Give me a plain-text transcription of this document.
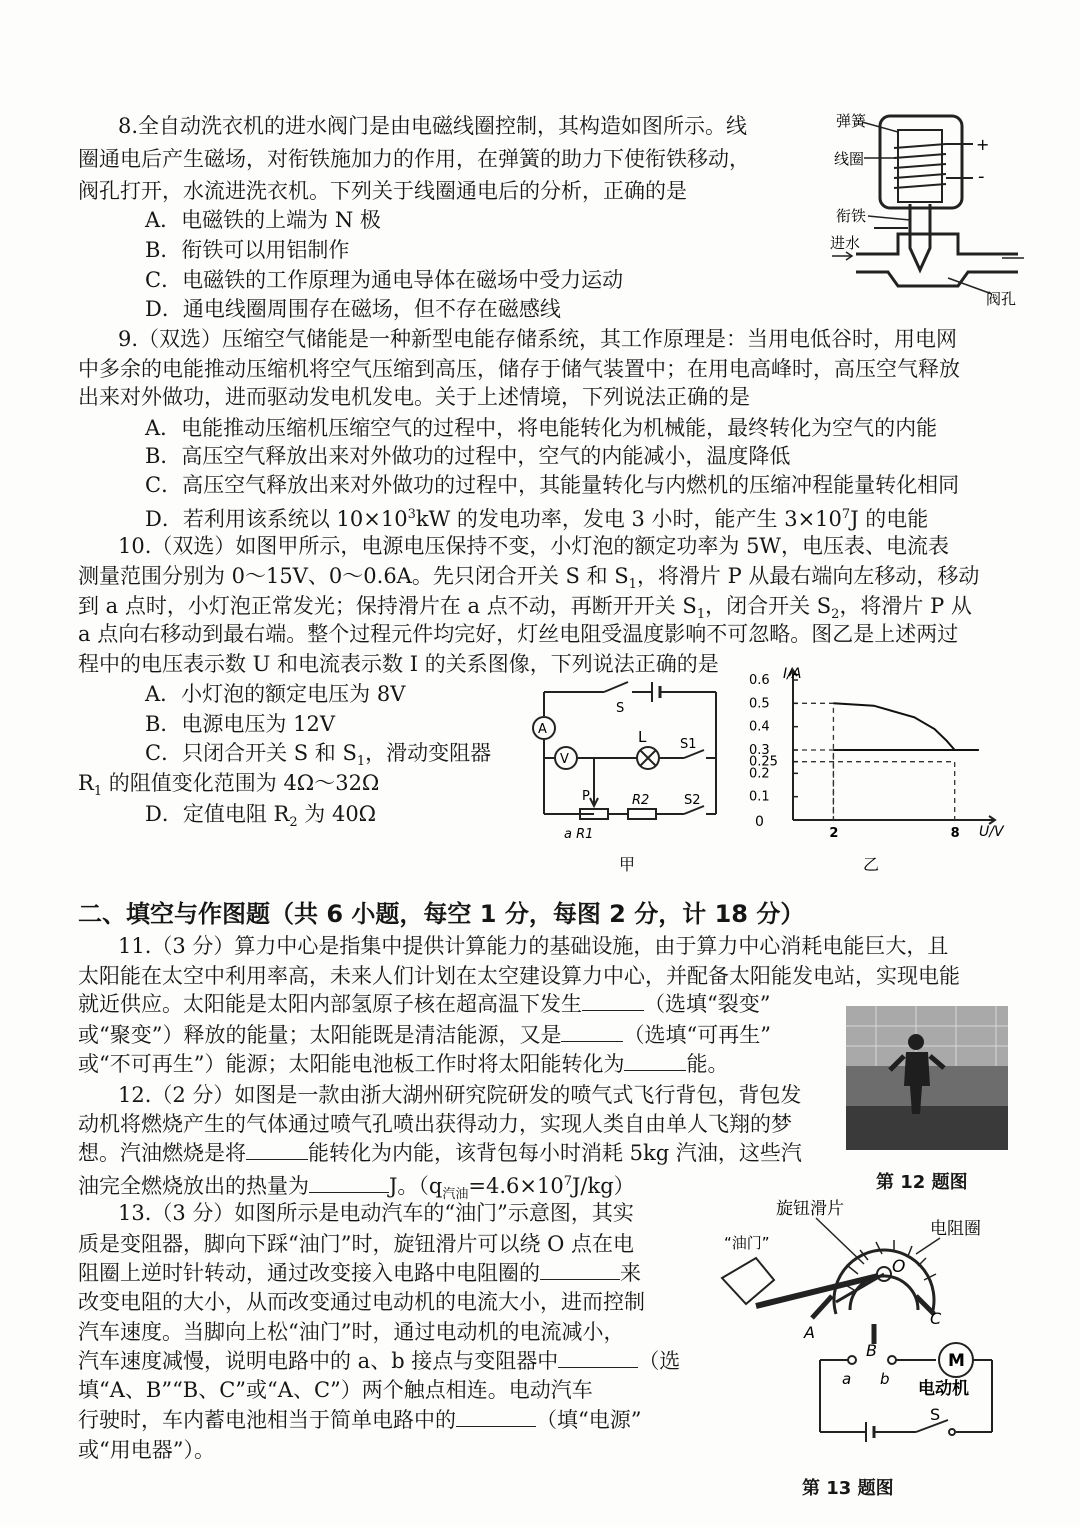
8.全自动洗衣机的进水阀门是由电磁线圈控制，其构造如图所示。线
圈通电后产生磁场，对衔铁施加力的作用，在弹簧的助力下使衔铁移动，
阀孔打开，水流进洗衣机。下列关于线圈通电后的分析，正确的是
A．电磁铁的上端为 N 极
B．衔铁可以用铝制作
C．电磁铁的工作原理为通电导体在磁场中受力运动
D．通电线圈周围存在磁场，但不存在磁感线
弹簧
线圈
衔铁
进水
阀孔
+
-
9.（双选）压缩空气储能是一种新型电能存储系统，其工作原理是：当用电低谷时，用电网
中多余的电能推动压缩机将空气压缩到高压，储存于储气装置中；在用电高峰时，高压空气释放
出来对外做功，进而驱动发电机发电。关于上述情境，下列说法正确的是
A．电能推动压缩机压缩空气的过程中，将电能转化为机械能，最终转化为空气的内能
B．高压空气释放出来对外做功的过程中，空气的内能减小，温度降低
C．高压空气释放出来对外做功的过程中，其能量转化与内燃机的压缩冲程能量转化相同
D．若利用该系统以 $10\times 10^3kW$ 的发电功率，发电 3 小时，能产生 $3\times 10^7J$ 的电能
10.（双选）如图甲所示，电源电压保持不变，小灯泡的额定功率为 5W，电压表、电流表
测量范围分别为 0～15V、0～0.6A。先只闭合开关 S 和 $S_1$，将滑片 P 从最右端向左移动，移动
到 a 点时，小灯泡正常发光；保持滑片在 a 点不动，再断开开关 $S_1$，闭合开关 $S_2$，将滑片 P 从
a 点向右移动到最右端。整个过程元件均完好，灯丝电阻受温度影响不可忽略。图乙是上述两过
程中的电压表示数 U 和电流表示数 I 的关系图像，下列说法正确的是
A．小灯泡的额定电压为 8V
B．电源电压为 12V
C．只闭合开关 S 和 $S_1$，滑动变阻器
$R_1$ 的阻值变化范围为 4Ω～32Ω
D．定值电阻 $R_2$ 为 40Ω
S
A
V
L	S1
P	R2	S2
a R1
甲
0.1
0.2
0.25
0.3
0.4
0.5
0.6
2	8
I/A
U/V
0
乙
二、填空与作图题（共 6 小题，每空 1 分，每图 2 分，计 18 分）
11.（3 分）算力中心是指集中提供计算能力的基础设施，由于算力中心消耗电能巨大，且
太阳能在太空中利用率高，未来人们计划在太空建设算力中心，并配备太阳能发电站，实现电能
就近供应。太阳能是太阳内部氢原子核在超高温下发生	（选填“裂变”
或“聚变”）释放的能量；太阳能既是清洁能源，又是	（选填“可再生”
或“不可再生”）能源；太阳能电池板工作时将太阳能转化为	能。
第 12 题图
12.（2 分）如图是一款由浙大湖州研究院研发的喷气式飞行背包，背包发
动机将燃烧产生的气体通过喷气孔喷出获得动力，实现人类自由单人飞翔的梦
想。汽油燃烧是将	能转化为内能，该背包每小时消耗 5kg 汽油，这些汽
油完全燃烧放出的热量为	J。$(q_{汽油}=4.6\times 10^7J/kg)$
13.（3 分）如图所示是电动汽车的“油门”示意图，其实
质是变阻器，脚向下踩“油门”时，旋钮滑片可以绕 O 点在电
阻圈上逆时针转动，通过改变接入电路中电阻圈的	来
改变电阻的大小，从而改变通过电动机的电流大小，进而控制
汽车速度。当脚向上松“油门”时，通过电动机的电流减小，
汽车速度减慢，说明电路中的 a、b 接点与变阻器中	（选
填“A、B”“B、C”或“A、C”）两个触点相连。电动汽车
行驶时，车内蓄电池相当于简单电路中的	（填“电源”
或“用电器”）。
旋钮滑片
电阻圈
“油门”
O
A
B
C
a b
M
电动机
S
第 13 题图
